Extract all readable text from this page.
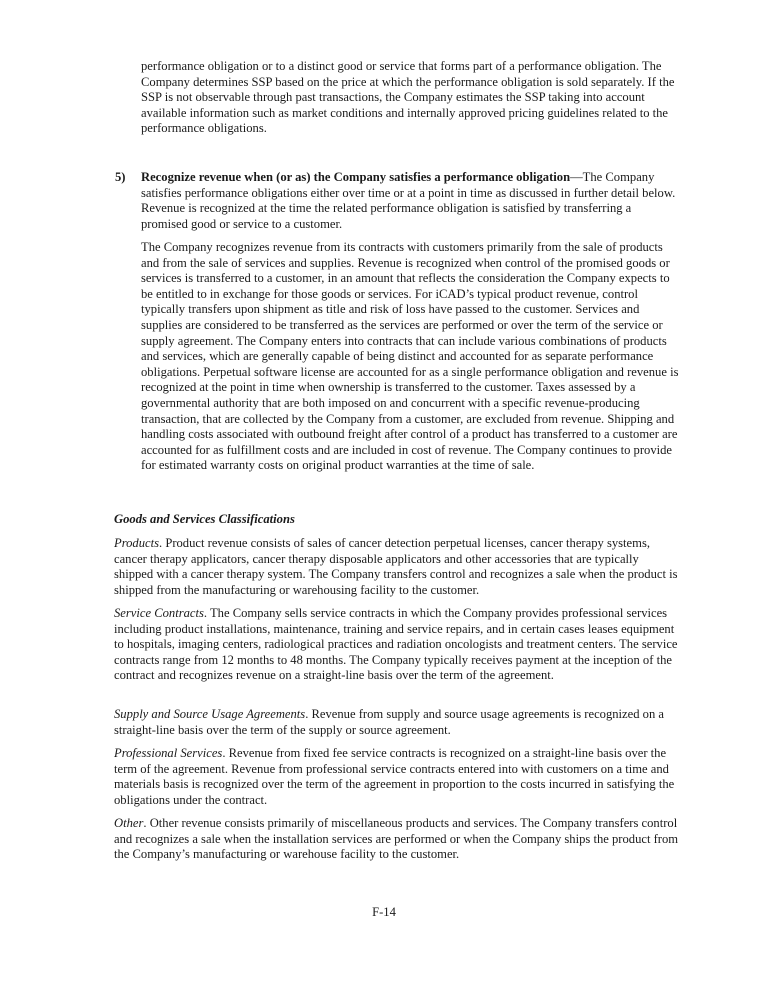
performance obligation or to a distinct good or service that forms part of a performance obligation. The Company determines SSP based on the price at which the performance obligation is sold separately. If the SSP is not observable through past transactions, the Company estimates the SSP taking into account available information such as market conditions and internally approved pricing guidelines related to the performance obligations.

5) Recognize revenue when (or as) the Company satisfies a performance obligation—The Company satisfies performance obligations either over time or at a point in time as discussed in further detail below. Revenue is recognized at the time the related performance obligation is satisfied by transferring a promised good or service to a customer.

The Company recognizes revenue from its contracts with customers primarily from the sale of products and from the sale of services and supplies. Revenue is recognized when control of the promised goods or services is transferred to a customer, in an amount that reflects the consideration the Company expects to be entitled to in exchange for those goods or services. For iCAD’s typical product revenue, control typically transfers upon shipment as title and risk of loss have passed to the customer. Services and supplies are considered to be transferred as the services are performed or over the term of the service or supply agreement. The Company enters into contracts that can include various combinations of products and services, which are generally capable of being distinct and accounted for as separate performance obligations. Perpetual software license are accounted for as a single performance obligation and revenue is recognized at the point in time when ownership is transferred to the customer. Taxes assessed by a governmental authority that are both imposed on and concurrent with a specific revenue-producing transaction, that are collected by the Company from a customer, are excluded from revenue. Shipping and handling costs associated with outbound freight after control of a product has transferred to a customer are accounted for as fulfillment costs and are included in cost of revenue. The Company continues to provide for estimated warranty costs on original product warranties at the time of sale.

Goods and Services Classifications

Products. Product revenue consists of sales of cancer detection perpetual licenses, cancer therapy systems, cancer therapy applicators, cancer therapy disposable applicators and other accessories that are typically shipped with a cancer therapy system. The Company transfers control and recognizes a sale when the product is shipped from the manufacturing or warehousing facility to the customer.

Service Contracts. The Company sells service contracts in which the Company provides professional services including product installations, maintenance, training and service repairs, and in certain cases leases equipment to hospitals, imaging centers, radiological practices and radiation oncologists and treatment centers. The service contracts range from 12 months to 48 months. The Company typically receives payment at the inception of the contract and recognizes revenue on a straight-line basis over the term of the agreement.

Supply and Source Usage Agreements. Revenue from supply and source usage agreements is recognized on a straight-line basis over the term of the supply or source agreement.

Professional Services. Revenue from fixed fee service contracts is recognized on a straight-line basis over the term of the agreement. Revenue from professional service contracts entered into with customers on a time and materials basis is recognized over the term of the agreement in proportion to the costs incurred in satisfying the obligations under the contract.

Other. Other revenue consists primarily of miscellaneous products and services. The Company transfers control and recognizes a sale when the installation services are performed or when the Company ships the product from the Company’s manufacturing or warehouse facility to the customer.

F-14
